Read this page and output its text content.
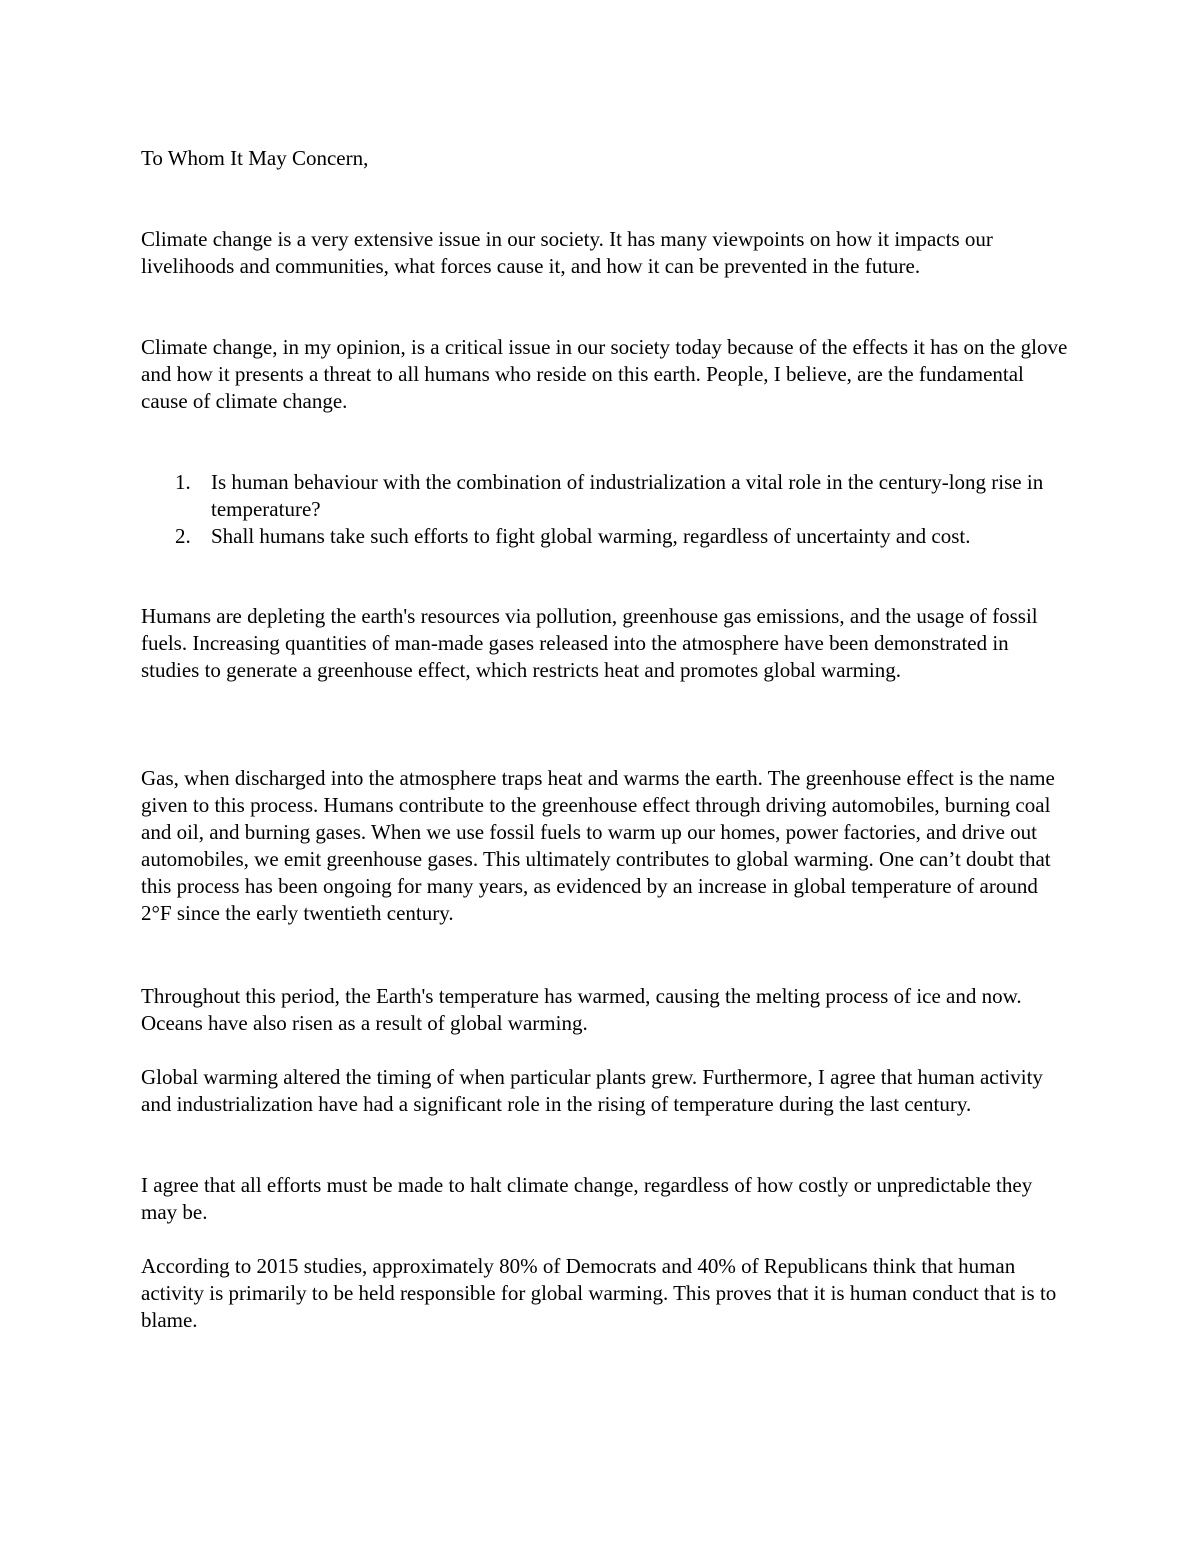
To Whom It May Concern,

Climate change is a very extensive issue in our society. It has many viewpoints on how it impacts our livelihoods and communities, what forces cause it, and how it can be prevented in the future.

Climate change, in my opinion, is a critical issue in our society today because of the effects it has on the glove and how it presents a threat to all humans who reside on this earth. People, I believe, are the fundamental cause of climate change.

1. Is human behaviour with the combination of industrialization a vital role in the century-long rise in temperature?
2. Shall humans take such efforts to fight global warming, regardless of uncertainty and cost.

Humans are depleting the earth's resources via pollution, greenhouse gas emissions, and the usage of fossil fuels. Increasing quantities of man-made gases released into the atmosphere have been demonstrated in studies to generate a greenhouse effect, which restricts heat and promotes global warming.

Gas, when discharged into the atmosphere traps heat and warms the earth. The greenhouse effect is the name given to this process. Humans contribute to the greenhouse effect through driving automobiles, burning coal and oil, and burning gases. When we use fossil fuels to warm up our homes, power factories, and drive out automobiles, we emit greenhouse gases. This ultimately contributes to global warming. One can’t doubt that this process has been ongoing for many years, as evidenced by an increase in global temperature of around 2°F since the early twentieth century.

Throughout this period, the Earth's temperature has warmed, causing the melting process of ice and now. Oceans have also risen as a result of global warming.

Global warming altered the timing of when particular plants grew. Furthermore, I agree that human activity and industrialization have had a significant role in the rising of temperature during the last century.

I agree that all efforts must be made to halt climate change, regardless of how costly or unpredictable they may be.

According to 2015 studies, approximately 80% of Democrats and 40% of Republicans think that human activity is primarily to be held responsible for global warming. This proves that it is human conduct that is to blame.
